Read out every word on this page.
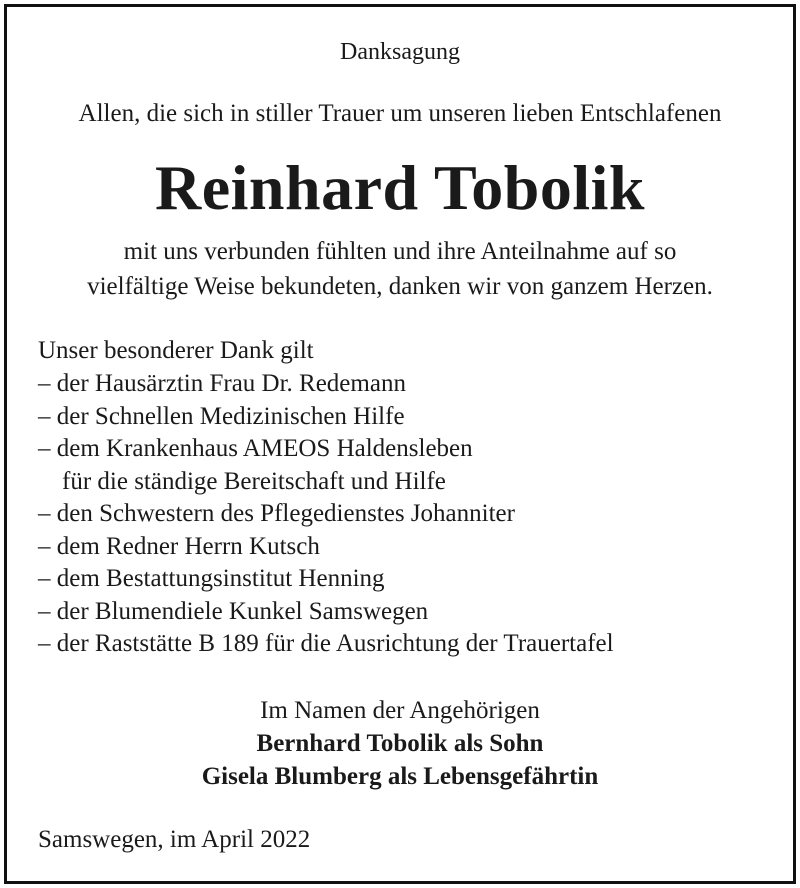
Danksagung
Allen, die sich in stiller Trauer um unseren lieben Entschlafenen
Reinhard Tobolik
mit uns verbunden fühlten und ihre Anteilnahme auf so
vielfältige Weise bekundeten, danken wir von ganzem Herzen.
Unser besonderer Dank gilt
– der Hausärztin Frau Dr. Redemann
– der Schnellen Medizinischen Hilfe
– dem Krankenhaus AMEOS Haldensleben
für die ständige Bereitschaft und Hilfe
– den Schwestern des Pflegedienstes Johanniter
– dem Redner Herrn Kutsch
– dem Bestattungsinstitut Henning
– der Blumendiele Kunkel Samswegen
– der Raststätte B 189 für die Ausrichtung der Trauertafel
Im Namen der Angehörigen
Bernhard Tobolik als Sohn
Gisela Blumberg als Lebensgefährtin
Samswegen, im April 2022
